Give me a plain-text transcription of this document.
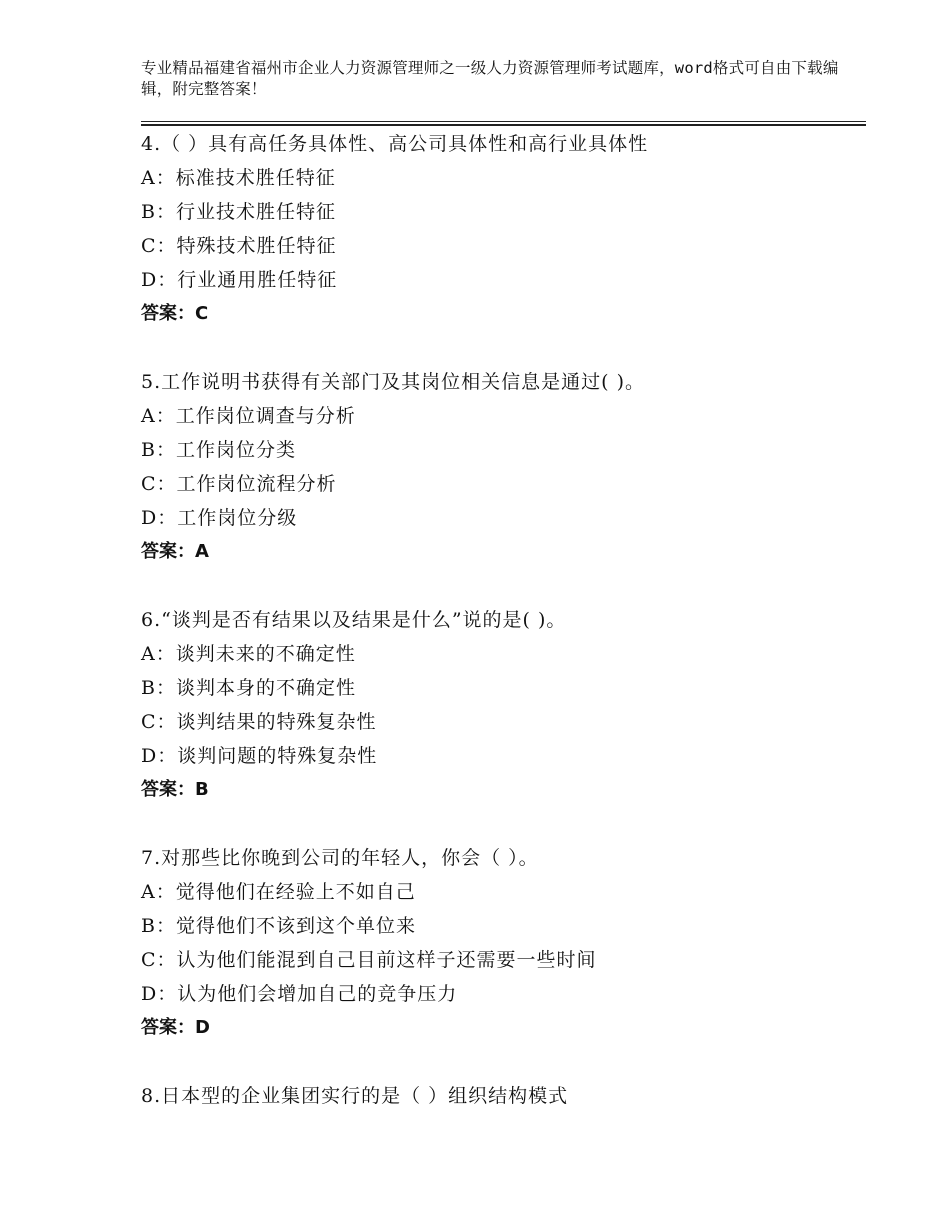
专业精品福建省福州市企业人力资源管理师之一级人力资源管理师考试题库，word格式可自由下载编辑，附完整答案！
4.（ ）具有高任务具体性、高公司具体性和高行业具体性
A：标准技术胜任特征
B：行业技术胜任特征
C：特殊技术胜任特征
D：行业通用胜任特征
答案：C
5.工作说明书获得有关部门及其岗位相关信息是通过( )。
A：工作岗位调查与分析
B：工作岗位分类
C：工作岗位流程分析
D：工作岗位分级
答案：A
6.“谈判是否有结果以及结果是什么”说的是( )。
A：谈判未来的不确定性
B：谈判本身的不确定性
C：谈判结果的特殊复杂性
D：谈判问题的特殊复杂性
答案：B
7.对那些比你晚到公司的年轻人，你会（ ）。
A：觉得他们在经验上不如自己
B：觉得他们不该到这个单位来
C：认为他们能混到自己目前这样子还需要一些时间
D：认为他们会增加自己的竞争压力
答案：D
8.日本型的企业集团实行的是（ ）组织结构模式
